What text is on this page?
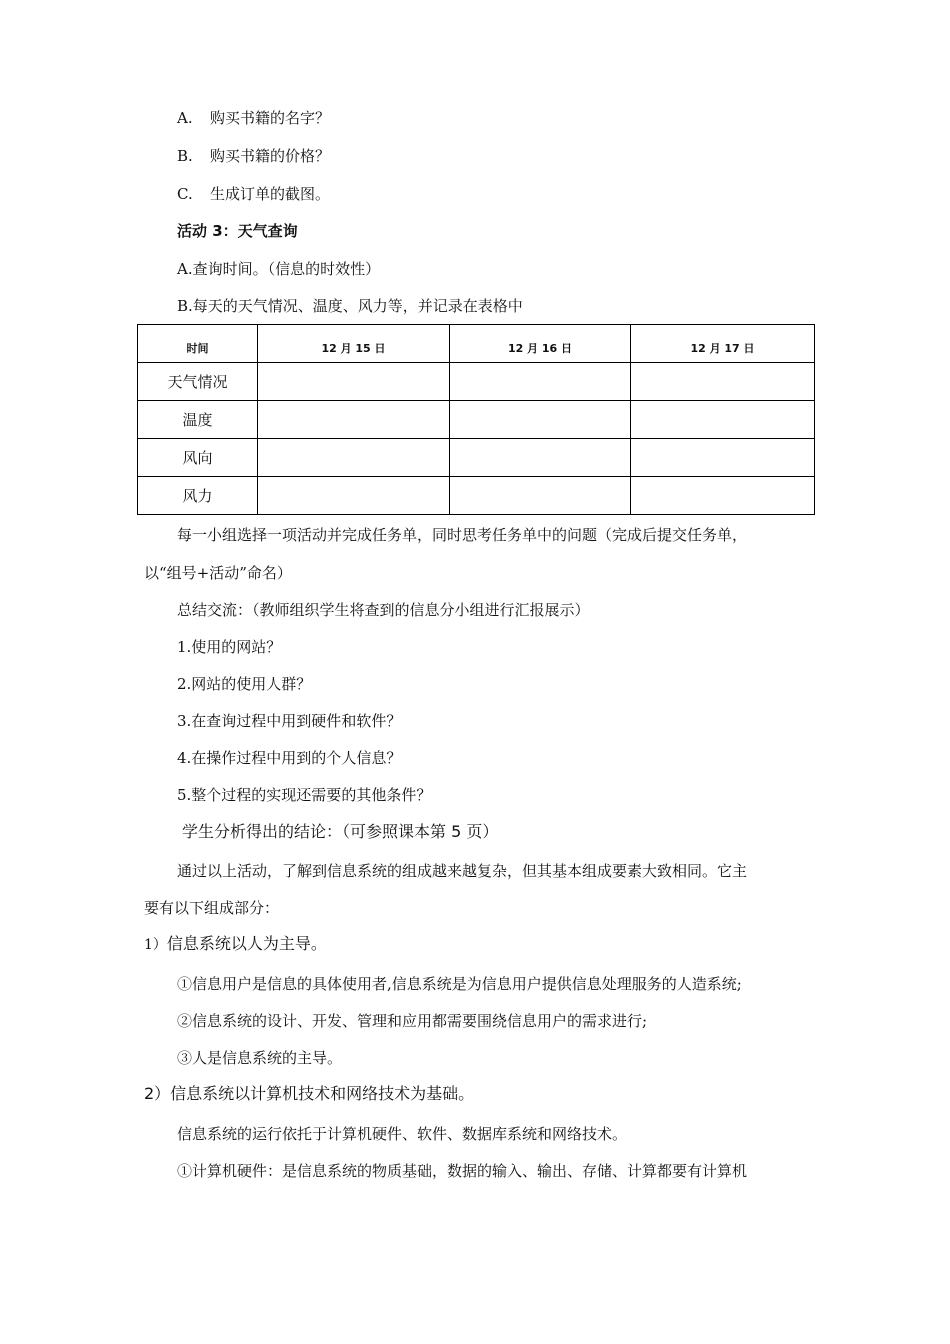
A. 购买书籍的名字？
B. 购买书籍的价格？
C. 生成订单的截图。
活动 3：天气查询
A.查询时间。（信息的时效性）
B.每天的天气情况、温度、风力等，并记录在表格中
时间	12 月 15 日	12 月 16 日	12 月 17 日
天气情况			
温度			
风向			
风力			
每一小组选择一项活动并完成任务单，同时思考任务单中的问题（完成后提交任务单，
以“组号+活动”命名）
总结交流：（教师组织学生将查到的信息分小组进行汇报展示）
1.使用的网站？
2.网站的使用人群？
3.在查询过程中用到硬件和软件？
4.在操作过程中用到的个人信息？
5.整个过程的实现还需要的其他条件？
学生分析得出的结论：（可参照课本第 5 页）
通过以上活动，了解到信息系统的组成越来越复杂，但其基本组成要素大致相同。它主
要有以下组成部分：
1）信息系统以人为主导。
①信息用户是信息的具体使用者,信息系统是为信息用户提供信息处理服务的人造系统;
②信息系统的设计、开发、管理和应用都需要围绕信息用户的需求进行;
③人是信息系统的主导。
2）信息系统以计算机技术和网络技术为基础。
信息系统的运行依托于计算机硬件、软件、数据库系统和网络技术。
①计算机硬件：是信息系统的物质基础，数据的输入、输出、存储、计算都要有计算机
